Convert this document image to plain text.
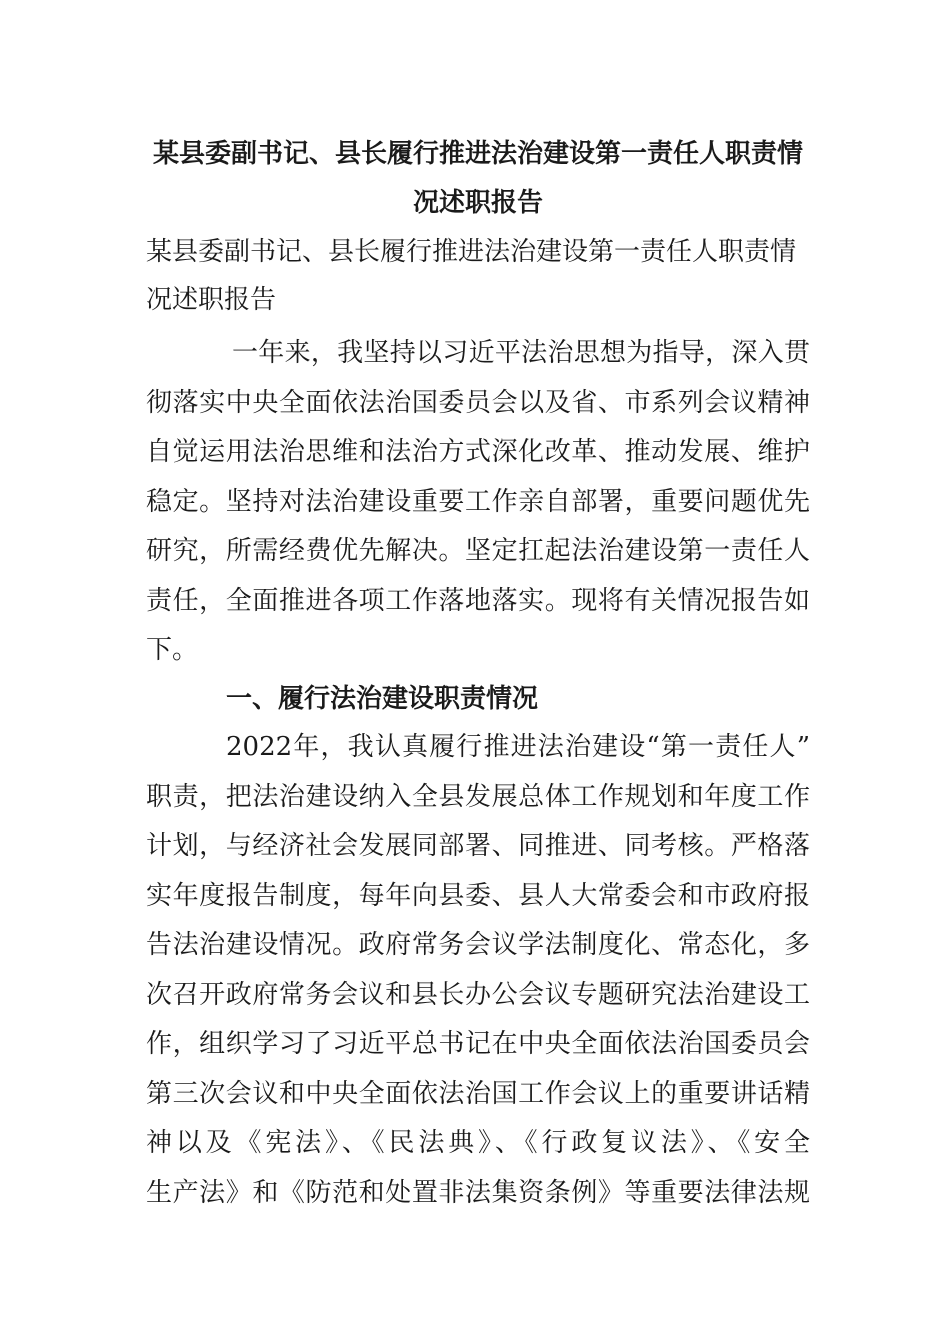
某县委副书记、县长履行推进法治建设第一责任人职责情
况述职报告

某县委副书记、县长履行推进法治建设第一责任人职责情

况述职报告

一年来，我坚持以习近平法治思想为指导，深入贯
彻落实中央全面依法治国委员会以及省、市系列会议精神
自觉运用法治思维和法治方式深化改革、推动发展、维护
稳定。坚持对法治建设重要工作亲自部署，重要问题优先
研究，所需经费优先解决。坚定扛起法治建设第一责任人
责任，全面推进各项工作落地落实。现将有关情况报告如
下。
一、履行法治建设职责情况
2022年，我认真履行推进法治建设“第一责任人”
职责，把法治建设纳入全县发展总体工作规划和年度工作
计划，与经济社会发展同部署、同推进、同考核。严格落
实年度报告制度，每年向县委、县人大常委会和市政府报
告法治建设情况。政府常务会议学法制度化、常态化，多
次召开政府常务会议和县长办公会议专题研究法治建设工
作，组织学习了习近平总书记在中央全面依法治国委员会
第三次会议和中央全面依法治国工作会议上的重要讲话精
神以及《宪法》、《民法典》、《行政复议法》、《安全
生产法》和《防范和处置非法集资条例》等重要法律法规
